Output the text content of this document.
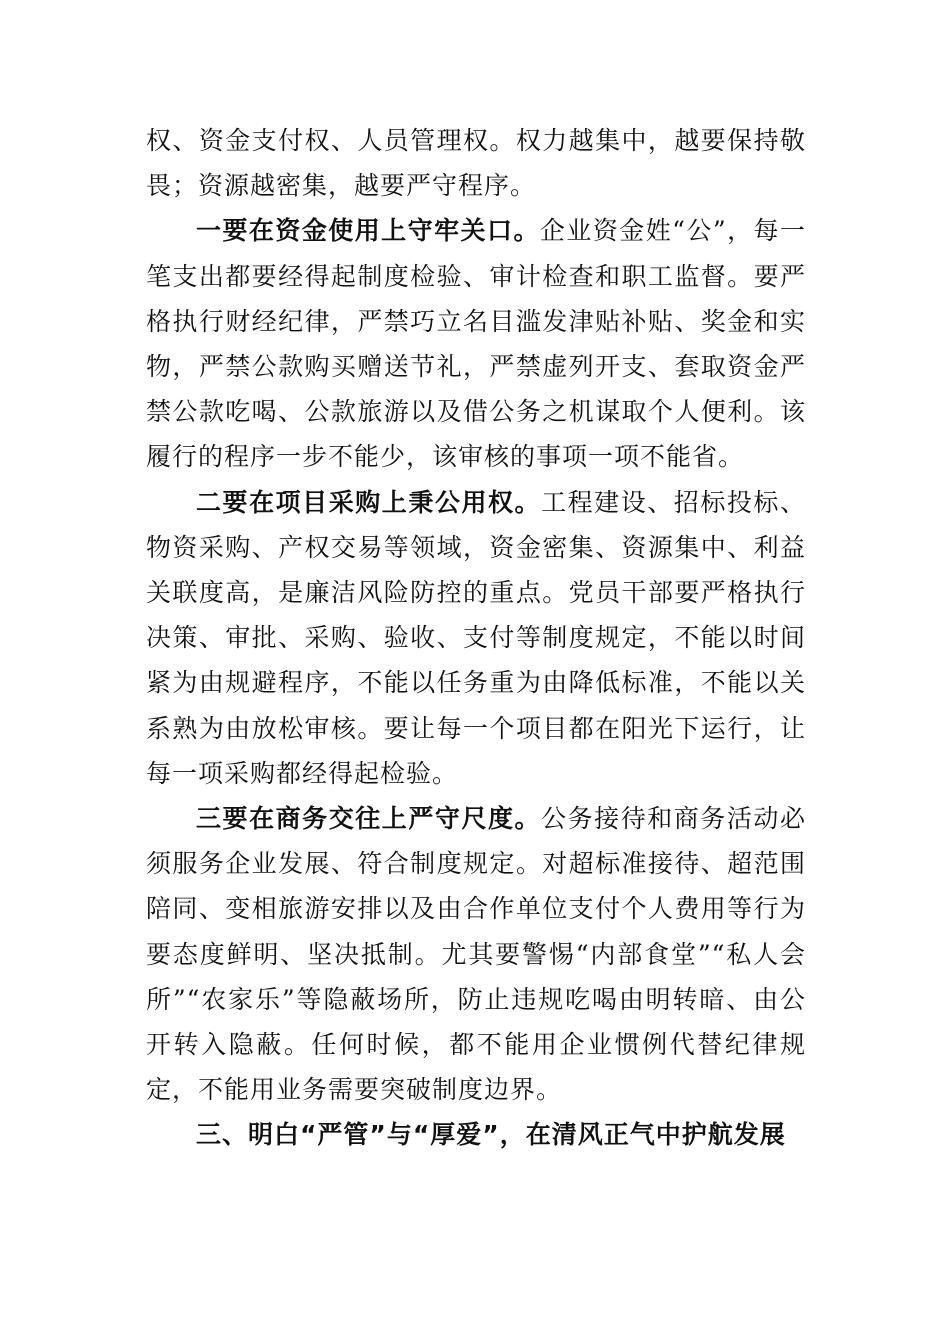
权、资金支付权、人员管理权。权力越集中，越要保持敬畏；资源越密集，越要严守程序。

一要在资金使用上守牢关口。企业资金姓“公”，每一笔支出都要经得起制度检验、审计检查和职工监督。要严格执行财经纪律，严禁巧立名目滥发津贴补贴、奖金和实物，严禁公款购买赠送节礼，严禁虚列开支、套取资金严禁公款吃喝、公款旅游以及借公务之机谋取个人便利。该履行的程序一步不能少，该审核的事项一项不能省。

二要在项目采购上秉公用权。工程建设、招标投标、物资采购、产权交易等领域，资金密集、资源集中、利益关联度高，是廉洁风险防控的重点。党员干部要严格执行决策、审批、采购、验收、支付等制度规定，不能以时间紧为由规避程序，不能以任务重为由降低标准，不能以关系熟为由放松审核。要让每一个项目都在阳光下运行，让每一项采购都经得起检验。

三要在商务交往上严守尺度。公务接待和商务活动必须服务企业发展、符合制度规定。对超标准接待、超范围陪同、变相旅游安排以及由合作单位支付个人费用等行为要态度鲜明、坚决抵制。尤其要警惕“内部食堂”“私人会所”“农家乐”等隐蔽场所，防止违规吃喝由明转暗、由公开转入隐蔽。任何时候，都不能用企业惯例代替纪律规定，不能用业务需要突破制度边界。

三、明白“严管”与“厚爱”，在清风正气中护航发展
